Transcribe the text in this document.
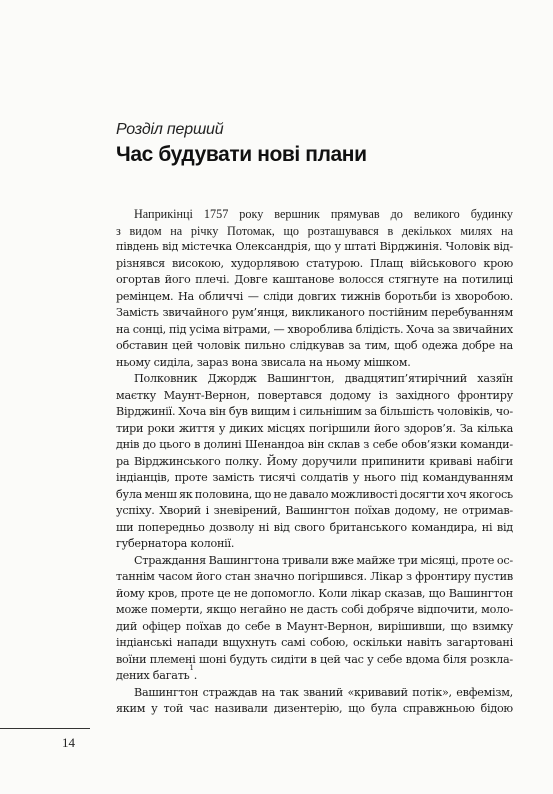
Розділ перший
Час будувати нові плани
Наприкінці 1757 року вершник прямував до великого будинку
з видом на річку Потомак, що розташувався в декількох милях на
південь від містечка Олександрія, що у штаті Вірджинія. Чоловік від-
різнявся високою, худорлявою статурою. Плащ військового крою
огортав його плечі. Довге каштанове волосся стягнуте на потилиці
ремінцем. На обличчі — сліди довгих тижнів боротьби із хворобою.
Замість звичайного рум’янця, викликаного постійним перебуванням
на сонці, під усіма вітрами, — хвороблива блідість. Хоча за звичайних
обставин цей чоловік пильно слідкував за тим, щоб одежа добре на
ньому сиділа, зараз вона звисала на ньому мішком.
Полковник Джордж Вашингтон, двадцятип’ятирічний хазяїн
маєтку Маунт-Вернон, повертався додому із західного фронтиру
Вірджинії. Хоча він був вищим і сильнішим за більшість чоловіків, чо-
тири роки життя у диких місцях погіршили його здоров’я. За кілька
днів до цього в долині Шенандоа він склав з себе обов’язки команди-
ра Вірджинського полку. Йому доручили припинити криваві набіги
індіанців, проте замість тисячі солдатів у нього під командуванням
була менш як половина, що не давало можливості досягти хоч якогось
успіху. Хворий і зневірений, Вашингтон поїхав додому, не отримав-
ши попередньо дозволу ні від свого британського командира, ні від
губернатора колонії.
Страждання Вашингтона тривали вже майже три місяці, проте ос-
таннім часом його стан значно погіршився. Лікар з фронтиру пустив
йому кров, проте це не допомогло. Коли лікар сказав, що Вашингтон
може померти, якщо негайно не дасть собі добряче відпочити, моло-
дий офіцер поїхав до себе в Маунт-Вернон, вирішивши, що взимку
індіанські напади вщухнуть самі собою, оскільки навіть загартовані
воїни племені шоні будуть сидіти в цей час у себе вдома біля розкла-
дених багать
1
.
Вашингтон страждав на так званий «кривавий потік», евфемізм,
яким у той час називали дизентерію, що була справжньою бідою
14
